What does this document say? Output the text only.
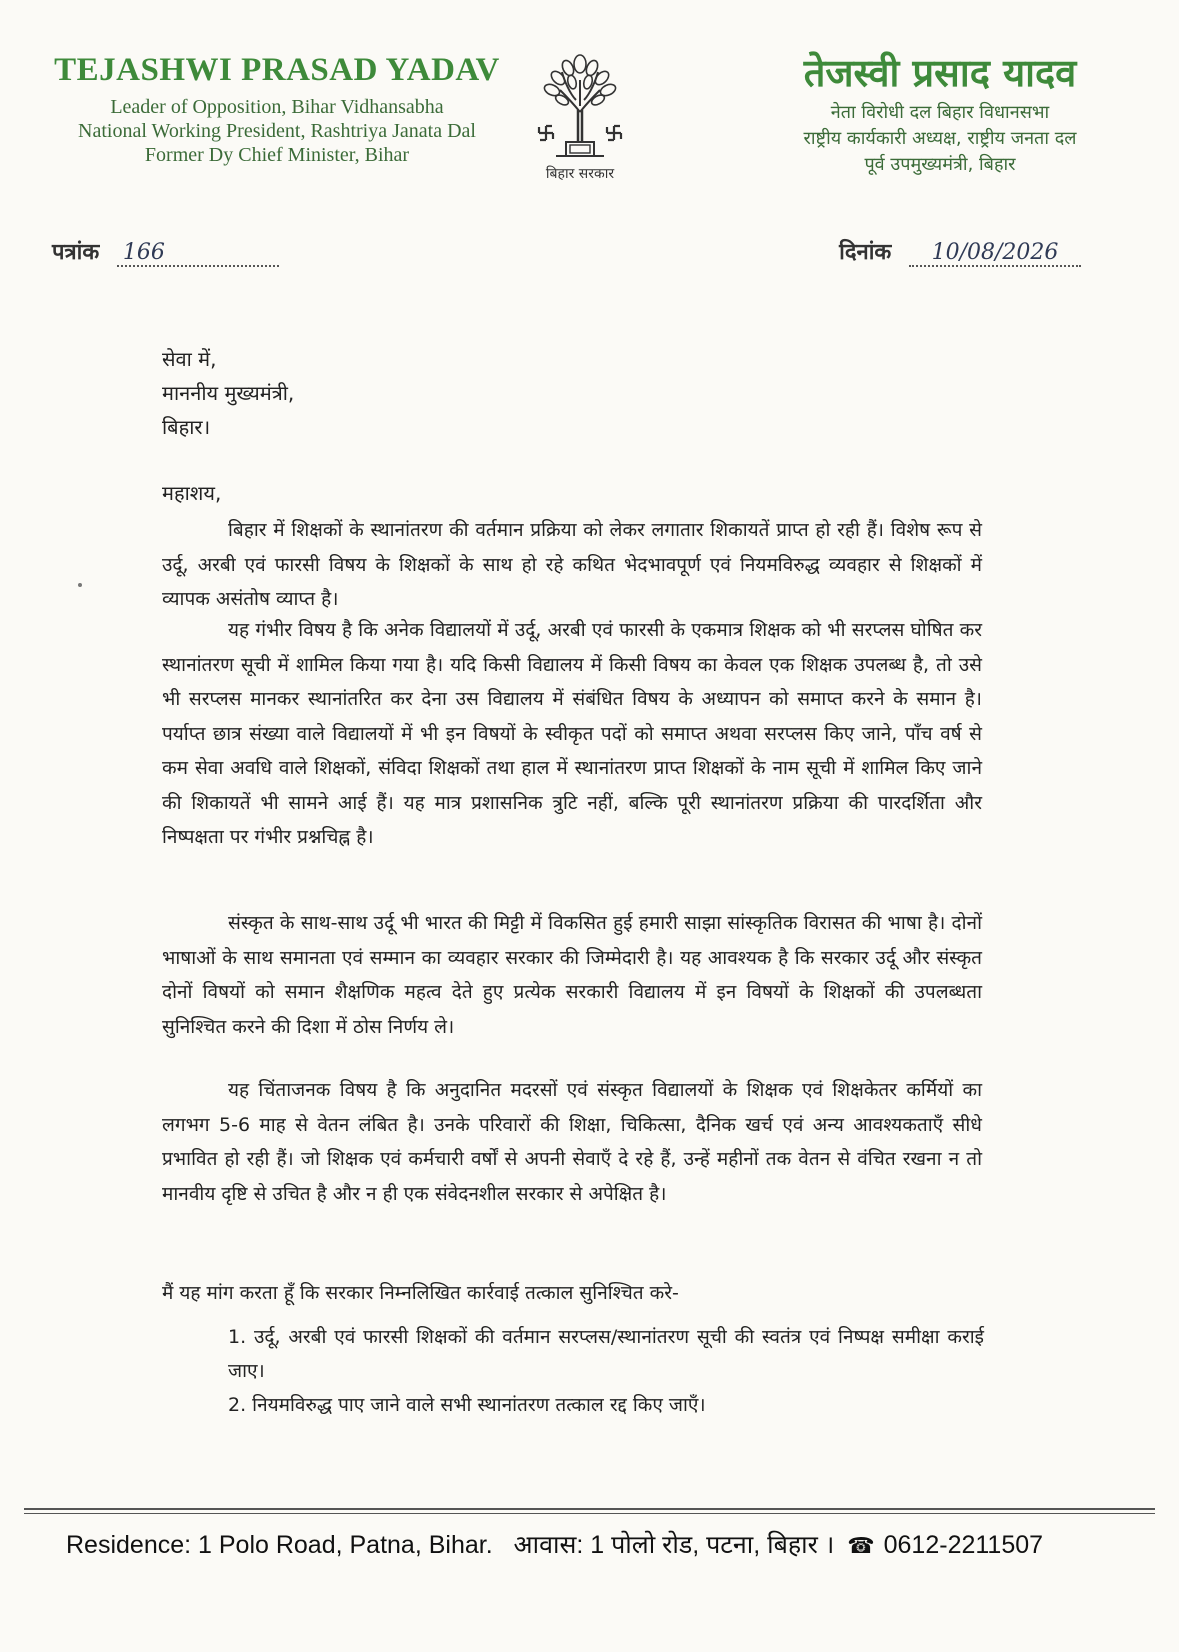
TEJASHWI PRASAD YADAV
Leader of Opposition, Bihar Vidhansabha
National Working President, Rashtriya Janata Dal
Former Dy Chief Minister, Bihar
बिहार सरकार
तेजस्वी प्रसाद यादव
नेता विरोधी दल बिहार विधानसभा
राष्ट्रीय कार्यकारी अध्यक्ष, राष्ट्रीय जनता दल
पूर्व उपमुख्यमंत्री, बिहार
पत्रांक 166	दिनांक 10/08/2026
सेवा में,
माननीय मुख्यमंत्री,
बिहार।
महाशय,
बिहार में शिक्षकों के स्थानांतरण की वर्तमान प्रक्रिया को लेकर लगातार शिकायतें प्राप्त हो रही हैं। विशेष रूप से उर्दू, अरबी एवं फारसी विषय के शिक्षकों के साथ हो रहे कथित भेदभावपूर्ण एवं नियमविरुद्ध व्यवहार से शिक्षकों में व्यापक असंतोष व्याप्त है।
यह गंभीर विषय है कि अनेक विद्यालयों में उर्दू, अरबी एवं फारसी के एकमात्र शिक्षक को भी सरप्लस घोषित कर स्थानांतरण सूची में शामिल किया गया है। यदि किसी विद्यालय में किसी विषय का केवल एक शिक्षक उपलब्ध है, तो उसे भी सरप्लस मानकर स्थानांतरित कर देना उस विद्यालय में संबंधित विषय के अध्यापन को समाप्त करने के समान है। पर्याप्त छात्र संख्या वाले विद्यालयों में भी इन विषयों के स्वीकृत पदों को समाप्त अथवा सरप्लस किए जाने, पाँच वर्ष से कम सेवा अवधि वाले शिक्षकों, संविदा शिक्षकों तथा हाल में स्थानांतरण प्राप्त शिक्षकों के नाम सूची में शामिल किए जाने की शिकायतें भी सामने आई हैं। यह मात्र प्रशासनिक त्रुटि नहीं, बल्कि पूरी स्थानांतरण प्रक्रिया की पारदर्शिता और निष्पक्षता पर गंभीर प्रश्नचिह्न है।
संस्कृत के साथ-साथ उर्दू भी भारत की मिट्टी में विकसित हुई हमारी साझा सांस्कृतिक विरासत की भाषा है। दोनों भाषाओं के साथ समानता एवं सम्मान का व्यवहार सरकार की जिम्मेदारी है। यह आवश्यक है कि सरकार उर्दू और संस्कृत दोनों विषयों को समान शैक्षणिक महत्व देते हुए प्रत्येक सरकारी विद्यालय में इन विषयों के शिक्षकों की उपलब्धता सुनिश्चित करने की दिशा में ठोस निर्णय ले।
यह चिंताजनक विषय है कि अनुदानित मदरसों एवं संस्कृत विद्यालयों के शिक्षक एवं शिक्षकेतर कर्मियों का लगभग 5-6 माह से वेतन लंबित है। उनके परिवारों की शिक्षा, चिकित्सा, दैनिक खर्च एवं अन्य आवश्यकताएँ सीधे प्रभावित हो रही हैं। जो शिक्षक एवं कर्मचारी वर्षों से अपनी सेवाएँ दे रहे हैं, उन्हें महीनों तक वेतन से वंचित रखना न तो मानवीय दृष्टि से उचित है और न ही एक संवेदनशील सरकार से अपेक्षित है।
मैं यह मांग करता हूँ कि सरकार निम्नलिखित कार्रवाई तत्काल सुनिश्चित करे-
1. उर्दू, अरबी एवं फारसी शिक्षकों की वर्तमान सरप्लस/स्थानांतरण सूची की स्वतंत्र एवं निष्पक्ष समीक्षा कराई जाए।
2. नियमविरुद्ध पाए जाने वाले सभी स्थानांतरण तत्काल रद्द किए जाएँ।
Residence: 1 Polo Road, Patna, Bihar. आवास: 1 पोलो रोड, पटना, बिहार । ☎ 0612-2211507
